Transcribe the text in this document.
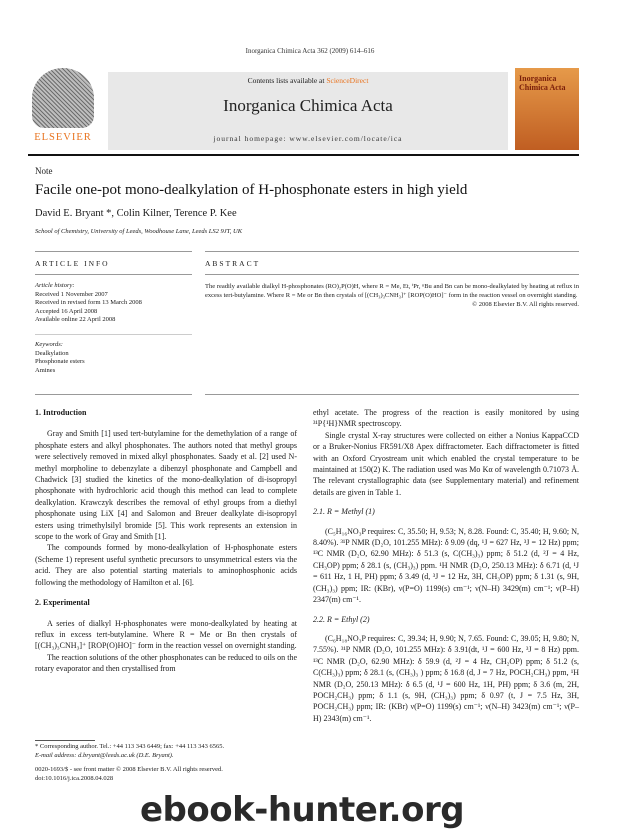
Inorganica Chimica Acta 362 (2009) 614–616
ELSEVIER
Contents lists available at ScienceDirect
Inorganica Chimica Acta
journal homepage: www.elsevier.com/locate/ica
Inorganica Chimica Acta
Note
Facile one-pot mono-dealkylation of H-phosphonate esters in high yield
David E. Bryant *, Colin Kilner, Terence P. Kee
School of Chemistry, University of Leeds, Woodhouse Lane, Leeds LS2 9JT, UK
ARTICLE INFO
Article history:
Received 1 November 2007
Received in revised form 13 March 2008
Accepted 16 April 2008
Available online 22 April 2008
Keywords:
Dealkylation
Phosphonate esters
Amines
ABSTRACT
The readily available dialkyl H-phosphonates (RO)₂P(O)H, where R = Me, Et, ⁱPr, ⁿBu and Bn can be mono-dealkylated by heating at reflux in excess tert-butylamine. Where R = Me or Bn then crystals of [(CH₃)₃CNH₃]⁺ [ROP(O)HO]⁻ form in the reaction vessel on overnight standing.
© 2008 Elsevier B.V. All rights reserved.
1. Introduction

Gray and Smith [1] used tert-butylamine for the demethylation of a range of phosphate esters and alkyl phosphonates. The authors noted that methyl groups were selectively removed in mixed alkyl phosphonates. Saady et al. [2] used N-methyl morpholine to debenzylate a dibenzyl phosphonate and Campbell and Chadwick [3] studied the kinetics of the mono-dealkylation of di-isopropyl phosphonate with hydrochloric acid though this method can lead to complete dealkylation. Krawczyk describes the removal of ethyl groups from a diethyl phosphonate using LiX [4] and Salomon and Breuer dealkylate di-isopropyl esters using trimethylsilyl bromide [5]. This work represents an extension in scope to the work of Gray and Smith [1].

The compounds formed by mono-dealkylation of H-phosphonate esters (Scheme 1) represent useful synthetic precursors to unsymmetrical esters via the acid. They are also potential starting materials to aminophosphonic acids following the methodology of Hamilton et al. [6].

2. Experimental

A series of dialkyl H-phosphonates were mono-dealkylated by heating at reflux in excess tert-butylamine. Where R = Me or Bn then crystals of [(CH₃)₃CNH₃]⁺ [ROP(O)HO]⁻ form in the reaction vessel on overnight standing.

The reaction solutions of the other phosphonates can be reduced to oils on the rotary evaporator and then crystallised from

* Corresponding author. Tel.: +44 113 343 6449; fax: +44 113 343 6565.
E-mail address: d.bryant@leeds.ac.uk (D.E. Bryant).
0020-1693/$ - see front matter © 2008 Elsevier B.V. All rights reserved.
doi:10.1016/j.ica.2008.04.028
ethyl acetate. The progress of the reaction is easily monitored by using ³¹P{¹H}NMR spectroscopy.

Single crystal X-ray structures were collected on either a Nonius KappaCCD or a Bruker-Nonius FR591/X8 Apex diffractometer. Each diffractometer is fitted with an Oxford Cryostream unit which enabled the crystal temperature to be maintained at 150(2) K. The radiation used was Mo Kα of wavelength 0.71073 Å. The relevant crystallographic data (see Supplementary material) and refinement details are given in Table 1.

2.1. R = Methyl (1)

(C₅H₁₆NO₃P requires: C, 35.50; H, 9.53; N, 8.28. Found: C, 35.40; H, 9.60; N, 8.40%). ³¹P NMR (D₂O, 101.255 MHz): δ 9.09 (dq, ¹J = 627 Hz, ³J = 12 Hz) ppm; ¹³C NMR (D₂O, 62.90 MHz): δ 51.3 (s, C(CH₃)₃) ppm; δ 51.2 (d, ²J = 4 Hz, CH₃OP) ppm; δ 28.1 (s, (CH₃)₃) ppm. ¹H NMR (D₂O, 250.13 MHz): δ 6.71 (d, ¹J = 611 Hz, 1 H, PH) ppm; δ 3.49 (d, ³J = 12 Hz, 3H, CH₃OP) ppm; δ 1.31 (s, 9H, (CH₃)₃) ppm; IR: (KBr), ν(P=O) 1199(s) cm⁻¹; ν(N–H) 3429(m) cm⁻¹; ν(P–H) 2347(m) cm⁻¹.

2.2. R = Ethyl (2)

(C₆H₁₈NO₃P requires: C, 39.34; H, 9.90; N, 7.65. Found: C, 39.05; H, 9.80; N, 7.55%). ³¹P NMR (D₂O, 101.255 MHz): δ 3.91(dt, ¹J = 600 Hz, ³J = 8 Hz) ppm. ¹³C NMR (D₂O, 62.90 MHz): δ 59.9 (d, ²J = 4 Hz, CH₂OP) ppm; δ 51.2 (s, C(CH₃)₃) ppm; δ 28.1 (s, (CH₃)₃ ) ppm; δ 16.8 (d, J = 7 Hz, POCH₂CH₃) ppm, ¹H NMR (D₂O, 250.13 MHz): δ 6.5 (d, ¹J = 600 Hz, 1H, PH) ppm; δ 3.6 (m, 2H, POCH₂CH₃) ppm; δ 1.1 (s, 9H, (CH₃)₃) ppm; δ 0.97 (t, J = 7.5 Hz, 3H, POCH₂CH₃) ppm; IR: (KBr) ν(P=O) 1199(s) cm⁻¹; ν(N–H) 3423(m) cm⁻¹; ν(P–H) 2343(m) cm⁻¹.

ebook-hunter.org
